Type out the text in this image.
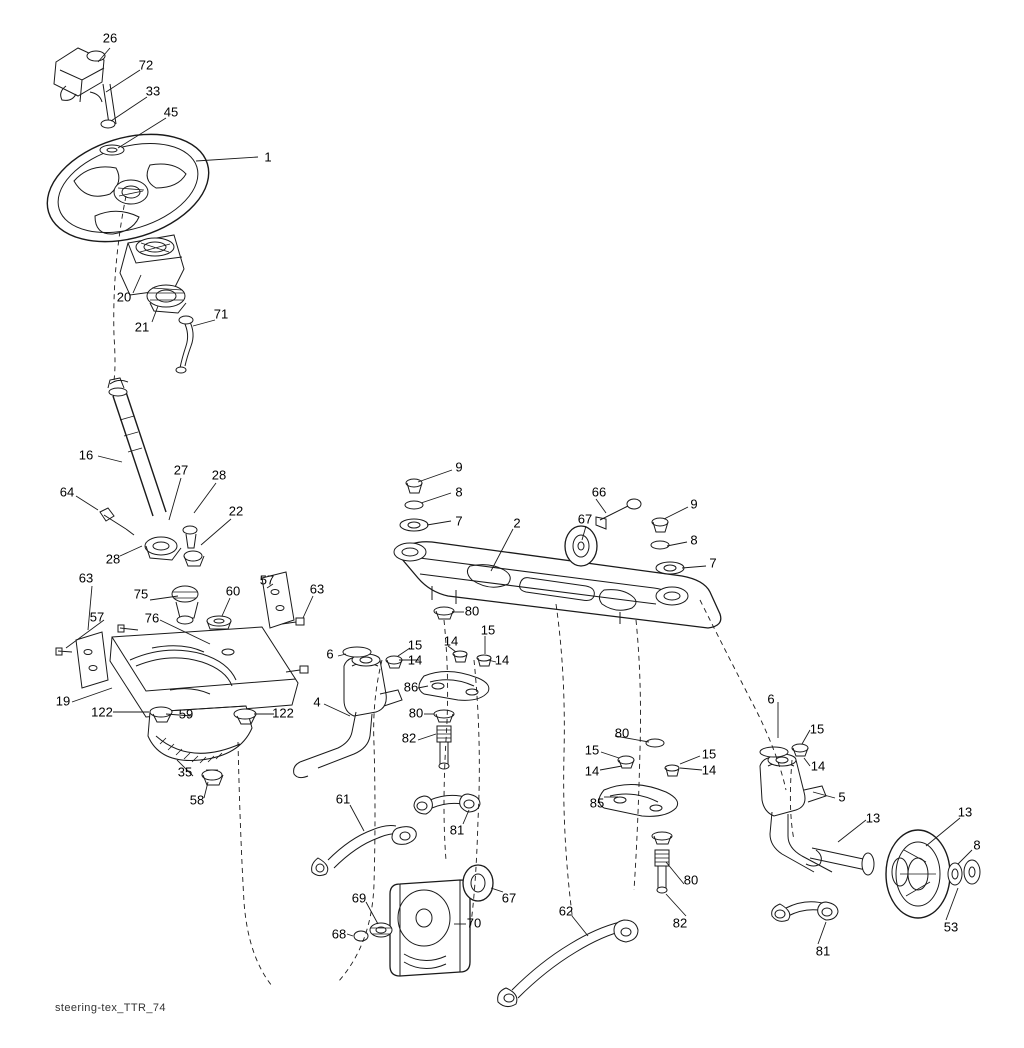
26
72
33
45
1
20
21
71
16
27 28
9
8
7	2
66
67
9
8
7
64
22
28
63
75	60
57
63
57	76	80
6
15 14
15
14	14
86
19
122	59	122
4
80
82
6
15
14
80
15	15
14	14
85	5
35
58	61
81
13	13
8
67
69
68
70
62
80
82
81
53
steering-tex_TTR_74
